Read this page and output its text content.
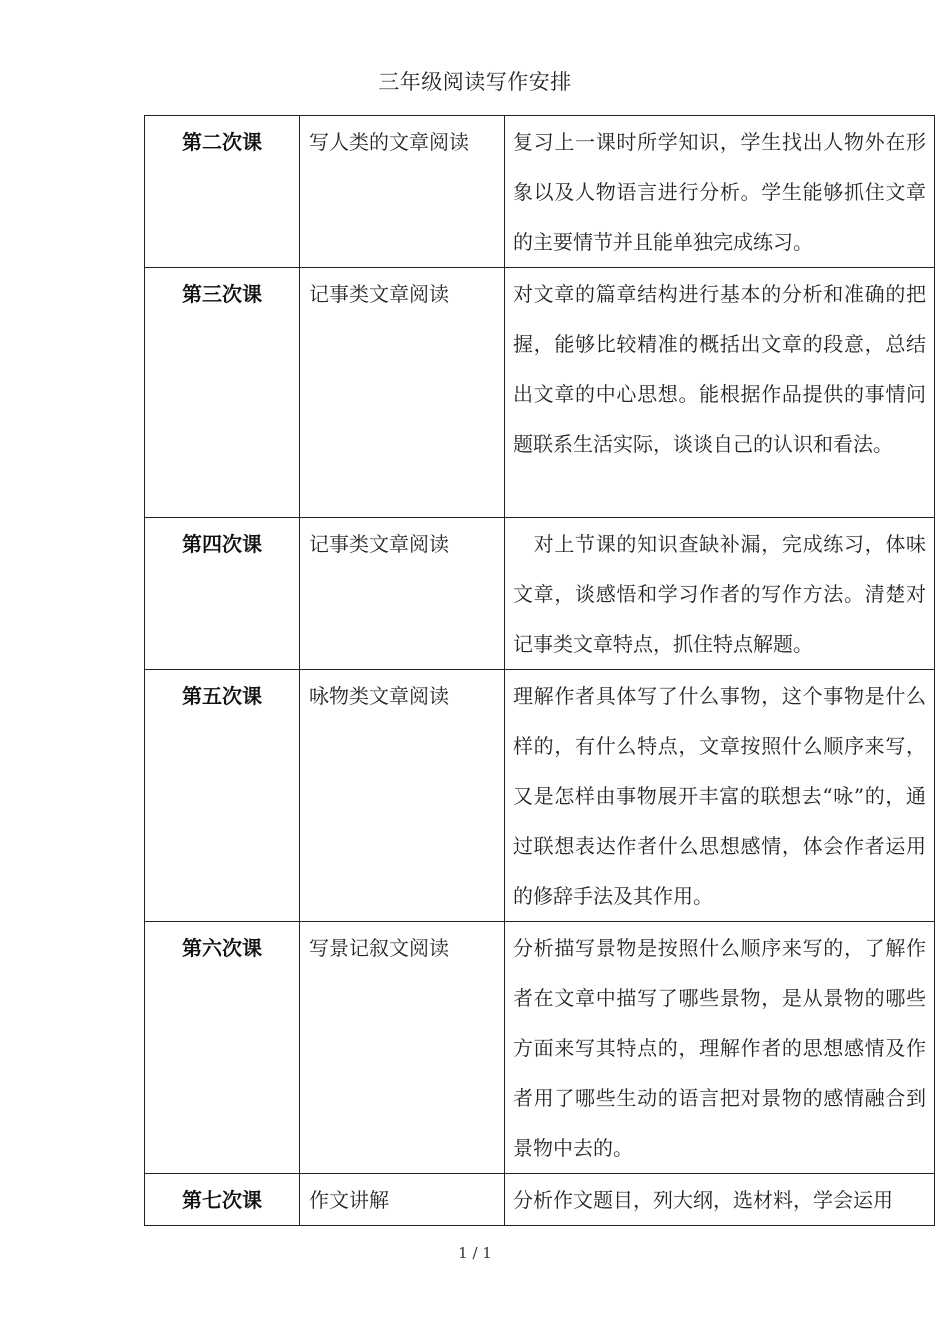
三年级阅读写作安排
第二次课	写人类的文章阅读	复习上一课时所学知识，学生找出人物外在形象以及人物语言进行分析。学生能够抓住文章的主要情节并且能单独完成练习。

第三次课	记事类文章阅读	对文章的篇章结构进行基本的分析和准确的把握，能够比较精准的概括出文章的段意，总结出文章的中心思想。能根据作品提供的事情问题联系生活实际，谈谈自己的认识和看法。

第四次课	记事类文章阅读	　对上节课的知识查缺补漏，完成练习，体味文章，谈感悟和学习作者的写作方法。清楚对记事类文章特点，抓住特点解题。

第五次课	咏物类文章阅读	理解作者具体写了什么事物，这个事物是什么样的，有什么特点，文章按照什么顺序来写，又是怎样由事物展开丰富的联想去“咏”的，通过联想表达作者什么思想感情，体会作者运用的修辞手法及其作用。

第六次课	写景记叙文阅读	分析描写景物是按照什么顺序来写的，了解作者在文章中描写了哪些景物，是从景物的哪些方面来写其特点的，理解作者的思想感情及作者用了哪些生动的语言把对景物的感情融合到景物中去的。

第七次课	作文讲解	分析作文题目，列大纲，选材料，学会运用
1 / 1
